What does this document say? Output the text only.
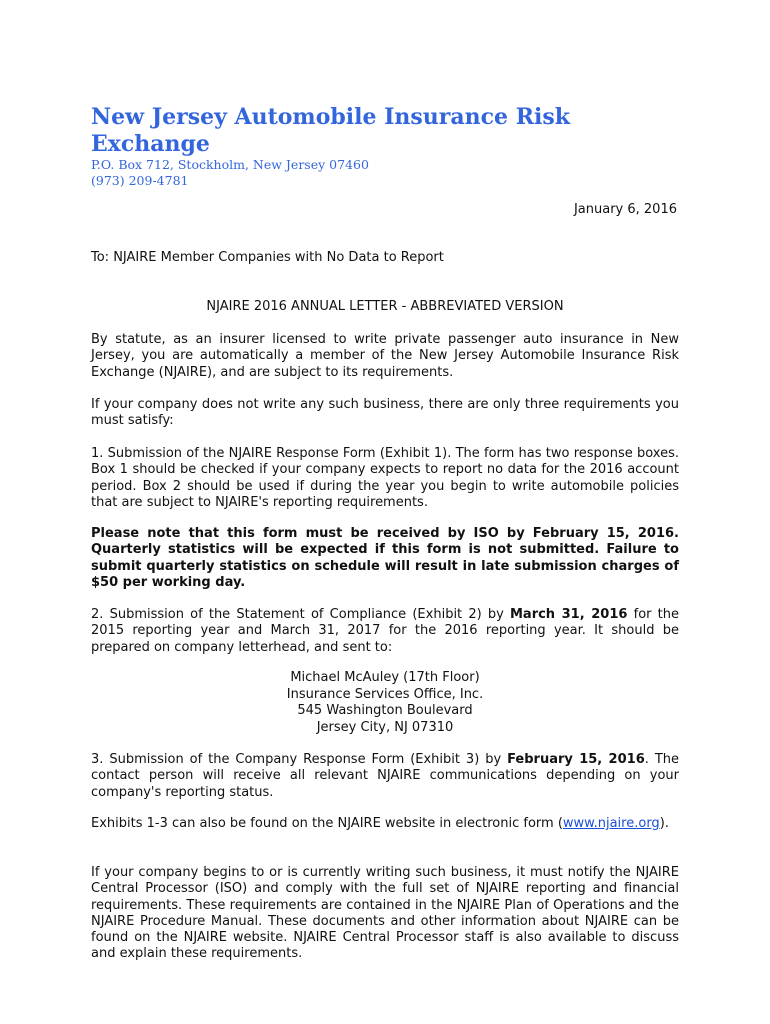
New Jersey Automobile Insurance Risk Exchange
P.O. Box 712, Stockholm, New Jersey 07460
(973) 209-4781
January 6, 2016
To: NJAIRE Member Companies with No Data to Report
NJAIRE 2016 ANNUAL LETTER - ABBREVIATED VERSION
By statute, as an insurer licensed to write private passenger auto insurance in New Jersey, you are automatically a member of the New Jersey Automobile Insurance Risk Exchange (NJAIRE), and are subject to its requirements.
If your company does not write any such business, there are only three requirements you must satisfy:
1. Submission of the NJAIRE Response Form (Exhibit 1). The form has two response boxes. Box 1 should be checked if your company expects to report no data for the 2016 account period. Box 2 should be used if during the year you begin to write automobile policies that are subject to NJAIRE's reporting requirements.
Please note that this form must be received by ISO by February 15, 2016. Quarterly statistics will be expected if this form is not submitted. Failure to submit quarterly statistics on schedule will result in late submission charges of $50 per working day.
2. Submission of the Statement of Compliance (Exhibit 2) by March 31, 2016 for the 2015 reporting year and March 31, 2017 for the 2016 reporting year. It should be prepared on company letterhead, and sent to:
Michael McAuley (17th Floor)
Insurance Services Office, Inc.
545 Washington Boulevard
Jersey City, NJ 07310
3. Submission of the Company Response Form (Exhibit 3) by February 15, 2016. The contact person will receive all relevant NJAIRE communications depending on your company's reporting status.
Exhibits 1-3 can also be found on the NJAIRE website in electronic form (www.njaire.org).
If your company begins to or is currently writing such business, it must notify the NJAIRE Central Processor (ISO) and comply with the full set of NJAIRE reporting and financial requirements. These requirements are contained in the NJAIRE Plan of Operations and the NJAIRE Procedure Manual. These documents and other information about NJAIRE can be found on the NJAIRE website. NJAIRE Central Processor staff is also available to discuss and explain these requirements.
